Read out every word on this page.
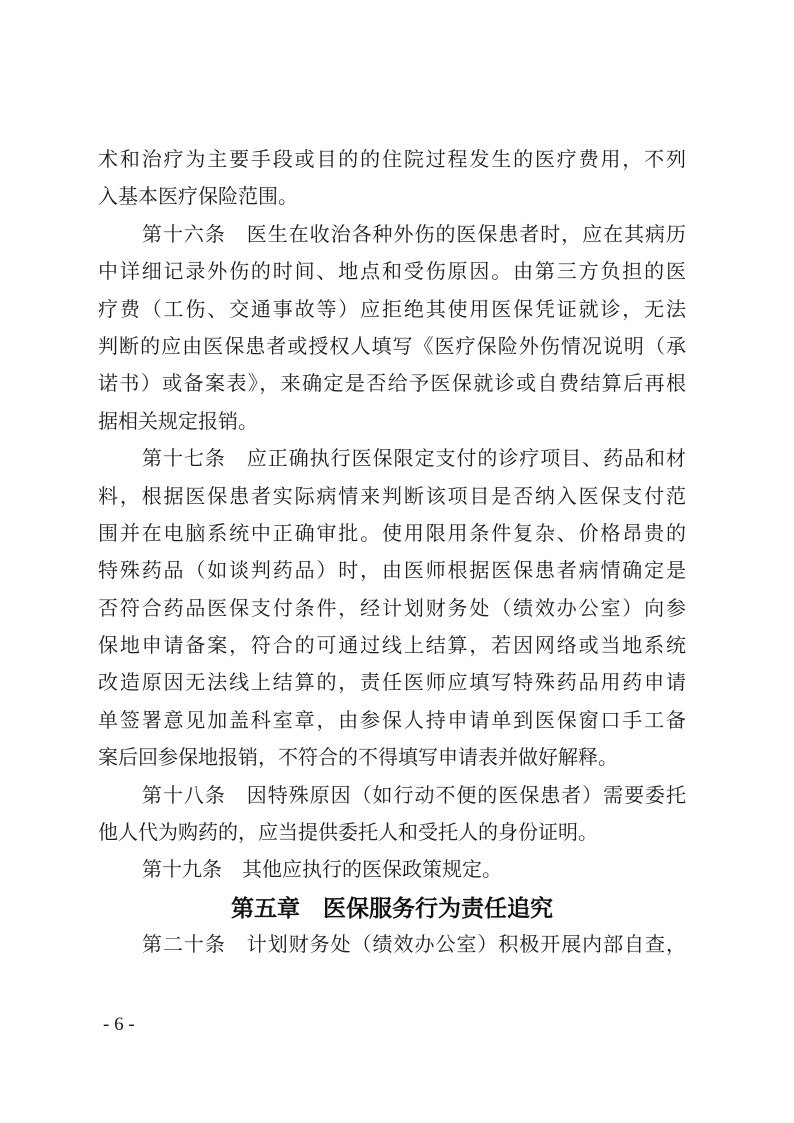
术和治疗为主要手段或目的的住院过程发生的医疗费用，不列
入基本医疗保险范围。
第十六条　医生在收治各种外伤的医保患者时，应在其病历
中详细记录外伤的时间、地点和受伤原因。由第三方负担的医
疗费（工伤、交通事故等）应拒绝其使用医保凭证就诊，无法
判断的应由医保患者或授权人填写《医疗保险外伤情况说明（承
诺书）或备案表》，来确定是否给予医保就诊或自费结算后再根
据相关规定报销。
第十七条　应正确执行医保限定支付的诊疗项目、药品和材
料，根据医保患者实际病情来判断该项目是否纳入医保支付范
围并在电脑系统中正确审批。使用限用条件复杂、价格昂贵的
特殊药品（如谈判药品）时，由医师根据医保患者病情确定是
否符合药品医保支付条件，经计划财务处（绩效办公室）向参
保地申请备案，符合的可通过线上结算，若因网络或当地系统
改造原因无法线上结算的，责任医师应填写特殊药品用药申请
单签署意见加盖科室章，由参保人持申请单到医保窗口手工备
案后回参保地报销，不符合的不得填写申请表并做好解释。
第十八条　因特殊原因（如行动不便的医保患者）需要委托
他人代为购药的，应当提供委托人和受托人的身份证明。
第十九条　其他应执行的医保政策规定。
第五章　医保服务行为责任追究
第二十条　计划财务处（绩效办公室）积极开展内部自查，
- 6 -
